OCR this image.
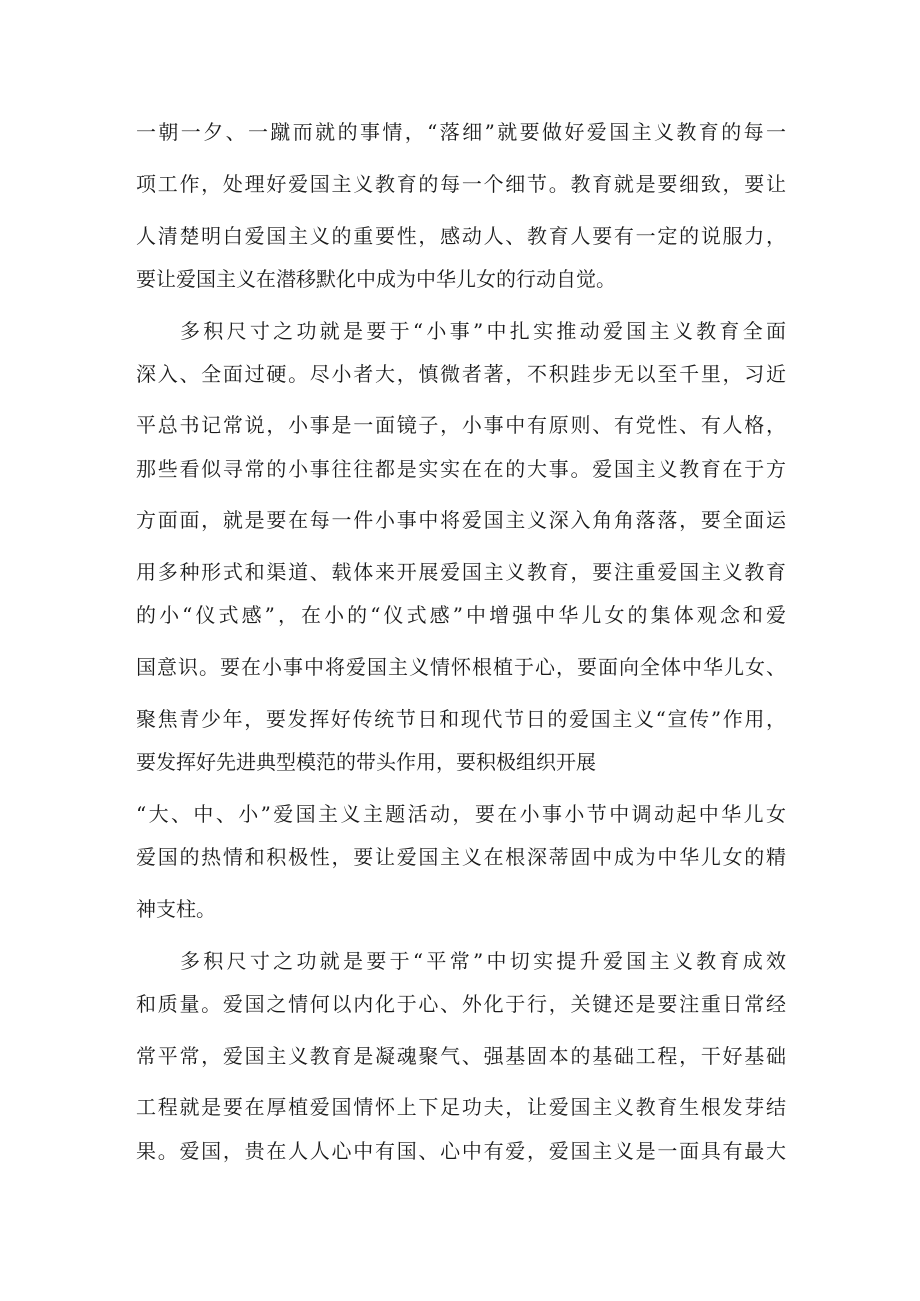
一朝一夕、一蹴而就的事情，“落细”就要做好爱国主义教育的每一
项工作，处理好爱国主义教育的每一个细节。教育就是要细致，要让
人清楚明白爱国主义的重要性，感动人、教育人要有一定的说服力，
要让爱国主义在潜移默化中成为中华儿女的行动自觉。
多积尺寸之功就是要于“小事”中扎实推动爱国主义教育全面
深入、全面过硬。尽小者大，慎微者著，不积跬步无以至千里，习近
平总书记常说，小事是一面镜子，小事中有原则、有党性、有人格，
那些看似寻常的小事往往都是实实在在的大事。爱国主义教育在于方
方面面，就是要在每一件小事中将爱国主义深入角角落落，要全面运
用多种形式和渠道、载体来开展爱国主义教育，要注重爱国主义教育
的小“仪式感”，在小的“仪式感”中增强中华儿女的集体观念和爱
国意识。要在小事中将爱国主义情怀根植于心，要面向全体中华儿女、
聚焦青少年，要发挥好传统节日和现代节日的爱国主义“宣传”作用，
要发挥好先进典型模范的带头作用，要积极组织开展
“大、中、小”爱国主义主题活动，要在小事小节中调动起中华儿女
爱国的热情和积极性，要让爱国主义在根深蒂固中成为中华儿女的精
神支柱。
多积尺寸之功就是要于“平常”中切实提升爱国主义教育成效
和质量。爱国之情何以内化于心、外化于行，关键还是要注重日常经
常平常，爱国主义教育是凝魂聚气、强基固本的基础工程，干好基础
工程就是要在厚植爱国情怀上下足功夫，让爱国主义教育生根发芽结
果。爱国，贵在人人心中有国、心中有爱，爱国主义是一面具有最大
